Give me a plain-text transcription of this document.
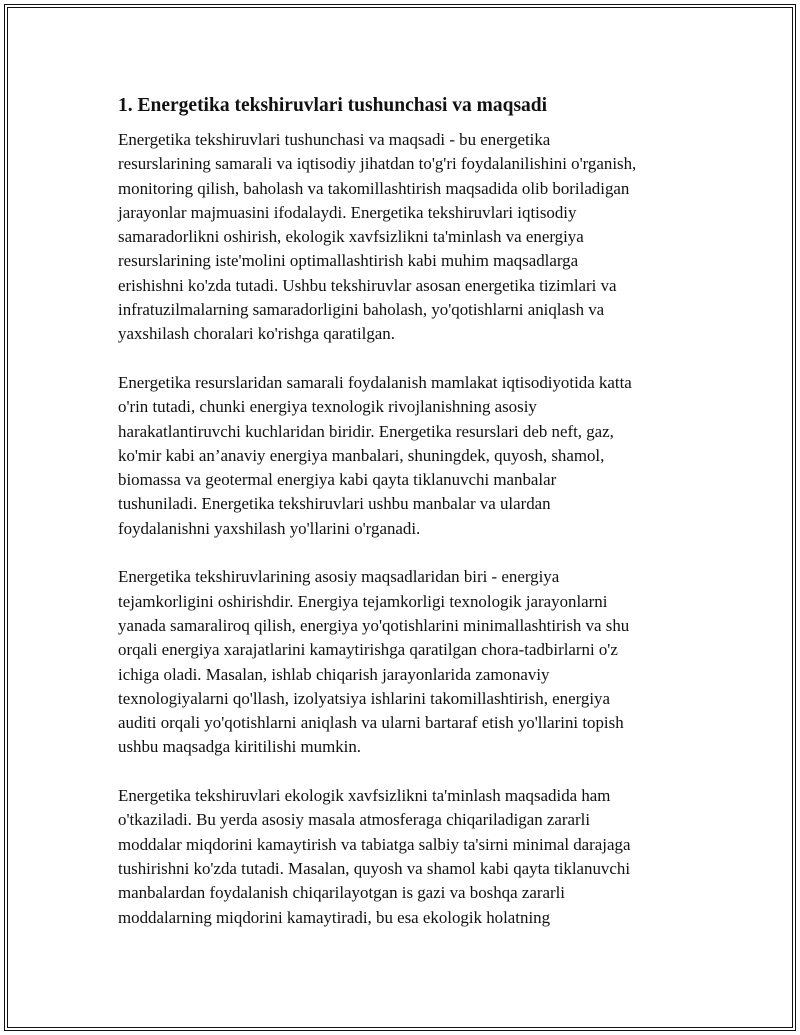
1. Energetika tekshiruvlari tushunchasi va maqsadi
Energetika tekshiruvlari tushunchasi va maqsadi - bu energetika
resurslarining samarali va iqtisodiy jihatdan to'g'ri foydalanilishini o'rganish,
monitoring qilish, baholash va takomillashtirish maqsadida olib boriladigan
jarayonlar majmuasini ifodalaydi. Energetika tekshiruvlari iqtisodiy
samaradorlikni oshirish, ekologik xavfsizlikni ta'minlash va energiya
resurslarining iste'molini optimallashtirish kabi muhim maqsadlarga
erishishni ko'zda tutadi. Ushbu tekshiruvlar asosan energetika tizimlari va
infratuzilmalarning samaradorligini baholash, yo'qotishlarni aniqlash va
yaxshilash choralari ko'rishga qaratilgan.
Energetika resurslaridan samarali foydalanish mamlakat iqtisodiyotida katta
o'rin tutadi, chunki energiya texnologik rivojlanishning asosiy
harakatlantiruvchi kuchlaridan biridir. Energetika resurslari deb neft, gaz,
ko'mir kabi an’anaviy energiya manbalari, shuningdek, quyosh, shamol,
biomassa va geotermal energiya kabi qayta tiklanuvchi manbalar
tushuniladi. Energetika tekshiruvlari ushbu manbalar va ulardan
foydalanishni yaxshilash yo'llarini o'rganadi.
Energetika tekshiruvlarining asosiy maqsadlaridan biri - energiya
tejamkorligini oshirishdir. Energiya tejamkorligi texnologik jarayonlarni
yanada samaraliroq qilish, energiya yo'qotishlarini minimallashtirish va shu
orqali energiya xarajatlarini kamaytirishga qaratilgan chora-tadbirlarni o'z
ichiga oladi. Masalan, ishlab chiqarish jarayonlarida zamonaviy
texnologiyalarni qo'llash, izolyatsiya ishlarini takomillashtirish, energiya
auditi orqali yo'qotishlarni aniqlash va ularni bartaraf etish yo'llarini topish
ushbu maqsadga kiritilishi mumkin.
Energetika tekshiruvlari ekologik xavfsizlikni ta'minlash maqsadida ham
o'tkaziladi. Bu yerda asosiy masala atmosferaga chiqariladigan zararli
moddalar miqdorini kamaytirish va tabiatga salbiy ta'sirni minimal darajaga
tushirishni ko'zda tutadi. Masalan, quyosh va shamol kabi qayta tiklanuvchi
manbalardan foydalanish chiqarilayotgan is gazi va boshqa zararli
moddalarning miqdorini kamaytiradi, bu esa ekologik holatning
